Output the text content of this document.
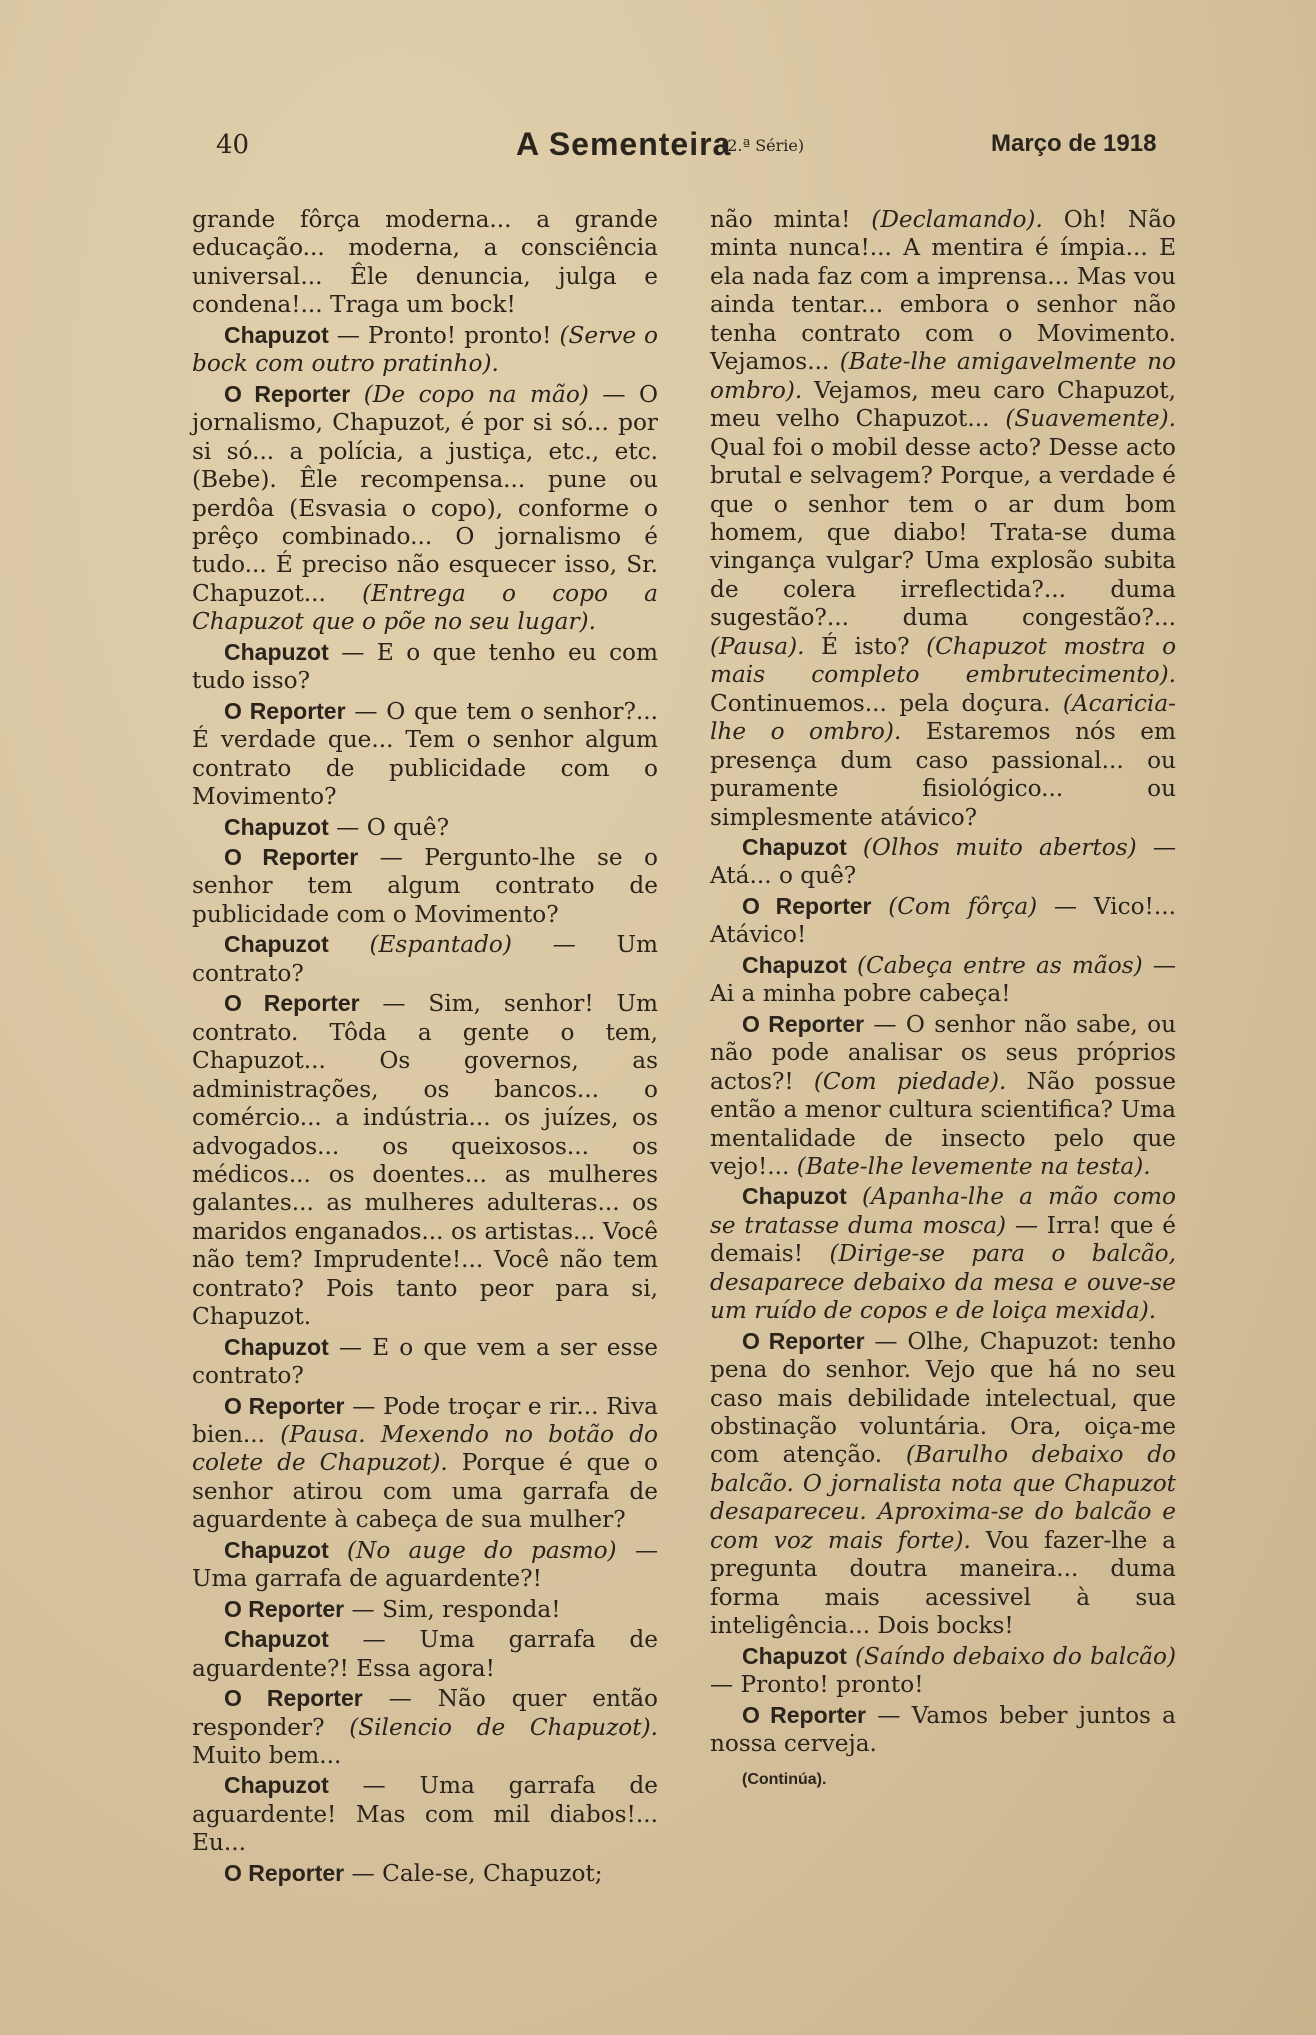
40	A Sementeira
(2.ª Série)	Março de 1918

grande fôrça moderna... a grande educação... moderna, a consciência universal... Êle denuncia, julga e condena!... Traga um bock!

Chapuzot — Pronto! pronto! (Serve o bock com outro pratinho).

O Reporter (De copo na mão) — O jornalismo, Chapuzot, é por si só... por si só... a polícia, a justiça, etc., etc. (Bebe). Êle recompensa... pune ou perdôa (Esvasia o copo), conforme o prêço combinado... O jornalismo é tudo... É preciso não esquecer isso, Sr. Chapuzot... (Entrega o copo a Chapuzot que o põe no seu lugar).

Chapuzot — E o que tenho eu com tudo isso?

O Reporter — O que tem o senhor?... É verdade que... Tem o senhor algum contrato de publicidade com o Movimento?

Chapuzot — O quê?

O Reporter — Pergunto-lhe se o senhor tem algum contrato de publicidade com o Movimento?

Chapuzot (Espantado) — Um contrato?

O Reporter — Sim, senhor! Um contrato. Tôda a gente o tem, Chapuzot... Os governos, as administrações, os bancos... o comércio... a indústria... os juízes, os advogados... os queixosos... os médicos... os doentes... as mulheres galantes... as mulheres adulteras... os maridos enganados... os artistas... Você não tem? Imprudente!... Você não tem contrato? Pois tanto peor para si, Chapuzot.

Chapuzot — E o que vem a ser esse contrato?

O Reporter — Pode troçar e rir... Riva bien... (Pausa. Mexendo no botão do colete de Chapuzot). Porque é que o senhor atirou com uma garrafa de aguardente à cabeça de sua mulher?

Chapuzot (No auge do pasmo) — Uma garrafa de aguardente?!

O Reporter — Sim, responda!

Chapuzot — Uma garrafa de aguardente?! Essa agora!

O Reporter — Não quer então responder? (Silencio de Chapuzot). Muito bem...

Chapuzot — Uma garrafa de aguardente! Mas com mil diabos!... Eu...

O Reporter — Cale-se, Chapuzot;

não minta! (Declamando). Oh! Não minta nunca!... A mentira é ímpia... E ela nada faz com a imprensa... Mas vou ainda tentar... embora o senhor não tenha contrato com o Movimento. Vejamos... (Bate-lhe amigavelmente no ombro). Vejamos, meu caro Chapuzot, meu velho Chapuzot... (Suavemente). Qual foi o mobil desse acto? Desse acto brutal e selvagem? Porque, a verdade é que o senhor tem o ar dum bom homem, que diabo! Trata-se duma vingança vulgar? Uma explosão subita de colera irreflectida?... duma sugestão?... duma congestão?... (Pausa). É isto? (Chapuzot mostra o mais completo embrutecimento). Continuemos... pela doçura. (Acaricia-lhe o ombro). Estaremos nós em presença dum caso passional... ou puramente fisiológico... ou simplesmente atávico?

Chapuzot (Olhos muito abertos) — Atá... o quê?

O Reporter (Com fôrça) — Vico!... Atávico!

Chapuzot (Cabeça entre as mãos) — Ai a minha pobre cabeça!

O Reporter — O senhor não sabe, ou não pode analisar os seus próprios actos?! (Com piedade). Não possue então a menor cultura scientifica? Uma mentalidade de insecto pelo que vejo!... (Bate-lhe levemente na testa).

Chapuzot (Apanha-lhe a mão como se tratasse duma mosca) — Irra! que é demais! (Dirige-se para o balcão, desaparece debaixo da mesa e ouve-se um ruído de copos e de loiça mexida).

O Reporter — Olhe, Chapuzot: tenho pena do senhor. Vejo que há no seu caso mais debilidade intelectual, que obstinação voluntária. Ora, oiça-me com atenção. (Barulho debaixo do balcão. O jornalista nota que Chapuzot desapareceu. Aproxima-se do balcão e com voz mais forte). Vou fazer-lhe a pregunta doutra maneira... duma forma mais acessivel à sua inteligência... Dois bocks!

Chapuzot (Saíndo debaixo do balcão) — Pronto! pronto!

O Reporter — Vamos beber juntos a nossa cerveja.

(Continúa).
